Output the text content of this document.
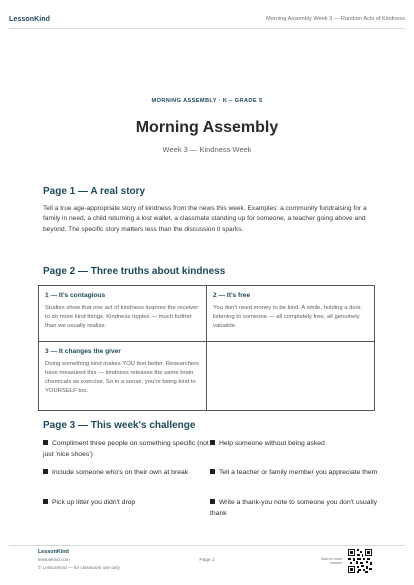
LessonKind	Morning Assembly Week 3 — Random Acts of Kindness
MORNING ASSEMBLY · K – GRADE 5
Morning Assembly
Week 3 — Kindness Week
Page 1 — A real story
Tell a true age-appropriate story of kindness from the news this week. Examples: a community fundraising for a family in need, a child returning a lost wallet, a classmate standing up for someone, a teacher going above and beyond. The specific story matters less than the discussion it sparks.
Page 2 — Three truths about kindness
1 — It's contagious
Studies show that one act of kindness inspires the receiver to do more kind things. Kindness ripples — much further than we usually realize.
2 — It's free
You don't need money to be kind. A smile, holding a door, listening to someone — all completely free, all genuinely valuable.
3 — It changes the giver
Doing something kind makes YOU feel better. Researchers have measured this — kindness releases the same brain chemicals as exercise. So in a sense, you're being kind to YOURSELF too.
Page 3 — This week's challenge
Compliment three people on something specific (not just 'nice shoes')
Help someone without being asked
Include someone who's on their own at break	Tell a teacher or family member you appreciate them
Pick up litter you didn't drop	Write a thank-you note to someone you don't usually thank
LessonKind
lessonkind.com
© LessonKind — for classroom use only
Page 1	Scan for more lessons
